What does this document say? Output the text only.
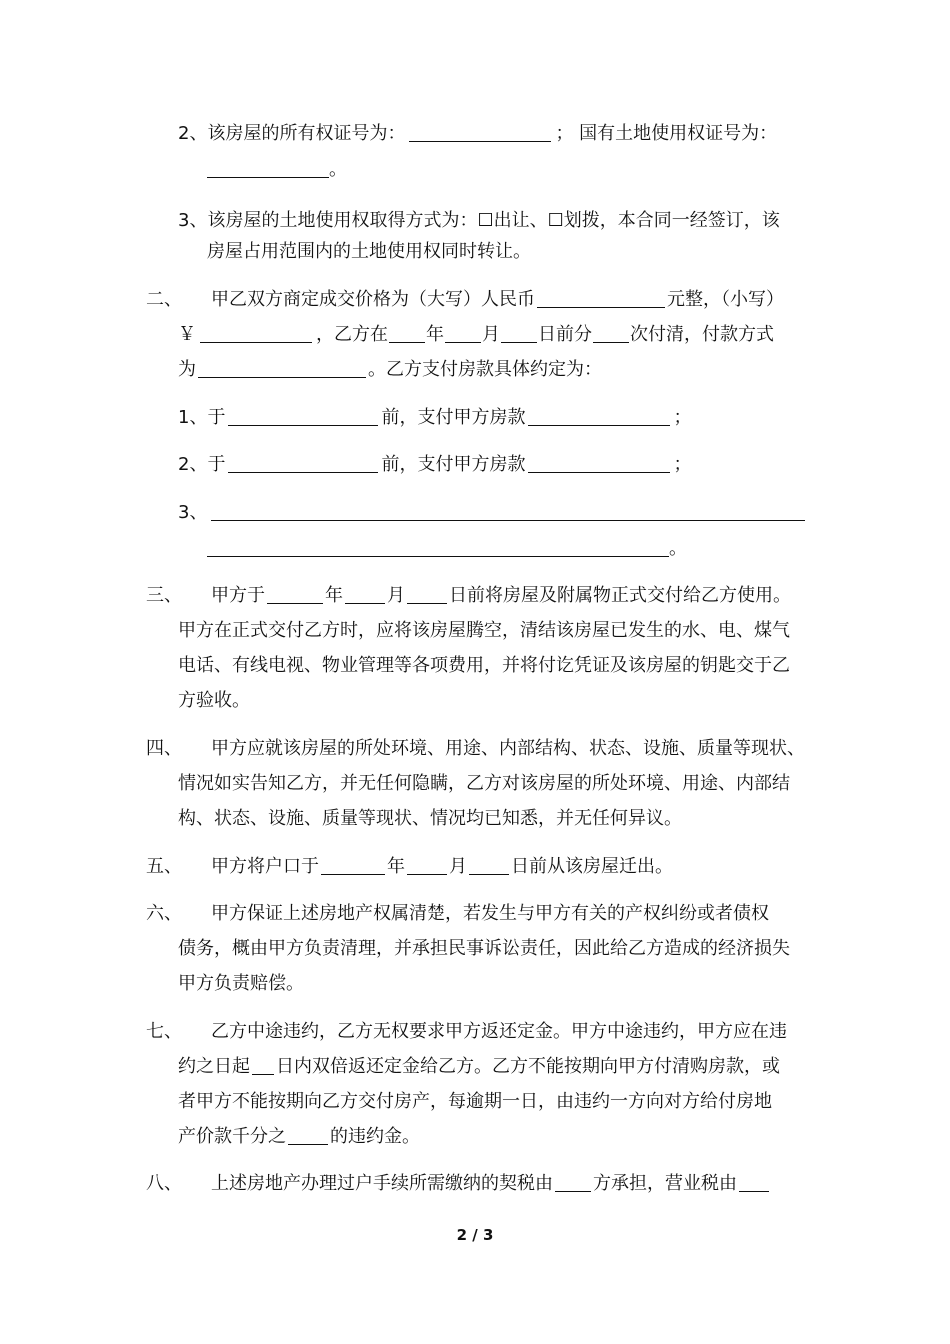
2、该房屋的所有权证号为：	； 国有土地使用权证号为：
。
3、该房屋的土地使用权取得方式为：☐出让、☐划拨，本合同一经签订，该
房屋占用范围内的土地使用权同时转让。
二、 甲乙双方商定成交价格为（大写）人民币	元整，（小写）
￥	，乙方在 年 月 日前分 次付清，付款方式
为	。乙方支付房款具体约定为：
1、于	前，支付甲方房款	；
2、于	前，支付甲方房款	；
3、
。
三、 甲方于	年 月 日前将房屋及附属物正式交付给乙方使用。
甲方在正式交付乙方时，应将该房屋腾空，清结该房屋已发生的水、电、煤气
电话、有线电视、物业管理等各项费用，并将付讫凭证及该房屋的钥匙交于乙
方验收。
四、 甲方应就该房屋的所处环境、用途、内部结构、状态、设施、质量等现状、
情况如实告知乙方，并无任何隐瞒，乙方对该房屋的所处环境、用途、内部结
构、状态、设施、质量等现状、情况均已知悉，并无任何异议。
五、 甲方将户口于	年 月 日前从该房屋迁出。
六、 甲方保证上述房地产权属清楚，若发生与甲方有关的产权纠纷或者债权
债务，概由甲方负责清理，并承担民事诉讼责任，因此给乙方造成的经济损失
甲方负责赔偿。
七、 乙方中途违约，乙方无权要求甲方返还定金。甲方中途违约，甲方应在违
约之日起 日内双倍返还定金给乙方。乙方不能按期向甲方付清购房款，或
者甲方不能按期向乙方交付房产，每逾期一日，由违约一方向对方给付房地
产价款千分之 的违约金。
八、 上述房地产办理过户手续所需缴纳的契税由 方承担，营业税由
2 / 3
